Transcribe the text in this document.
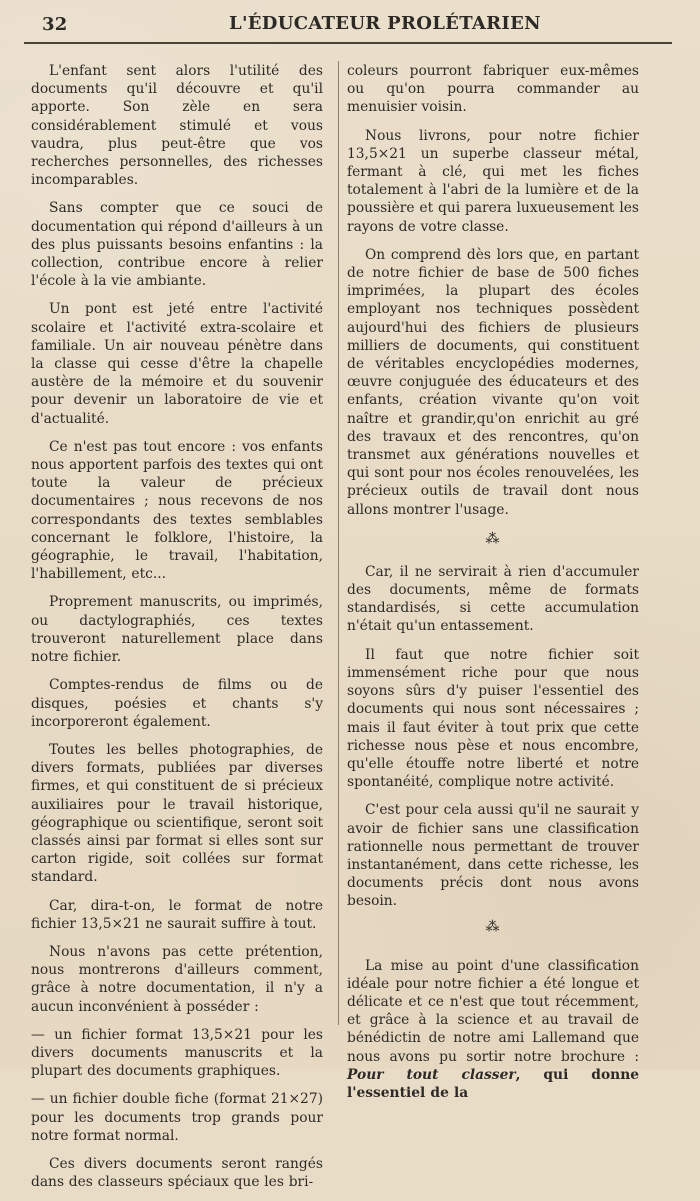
32	L'ÉDUCATEUR PROLÉTARIEN

L'enfant sent alors l'utilité des documents qu'il découvre et qu'il apporte. Son zèle en sera considérablement stimulé et vous vaudra, plus peut-être que vos recherches personnelles, des richesses incomparables.

Sans compter que ce souci de documentation qui répond d'ailleurs à un des plus puissants besoins enfantins : la collection, contribue encore à relier l'école à la vie ambiante.

Un pont est jeté entre l'activité scolaire et l'activité extra-scolaire et familiale. Un air nouveau pénètre dans la classe qui cesse d'être la chapelle austère de la mémoire et du souvenir pour devenir un laboratoire de vie et d'actualité.

Ce n'est pas tout encore : vos enfants nous apportent parfois des textes qui ont toute la valeur de précieux documentaires ; nous recevons de nos correspondants des textes semblables concernant le folklore, l'histoire, la géographie, le travail, l'habitation, l'habillement, etc...

Proprement manuscrits, ou imprimés, ou dactylographiés, ces textes trouveront naturellement place dans notre fichier.

Comptes-rendus de films ou de disques, poésies et chants s'y incorporeront également.

Toutes les belles photographies, de divers formats, publiées par diverses firmes, et qui constituent de si précieux auxiliaires pour le travail historique, géographique ou scientifique, seront soit classés ainsi par format si elles sont sur carton rigide, soit collées sur format standard.

Car, dira-t-on, le format de notre fichier 13,5×21 ne saurait suffire à tout.

Nous n'avons pas cette prétention, nous montrerons d'ailleurs comment, grâce à notre documentation, il n'y a aucun inconvénient à posséder :

— un fichier format 13,5×21 pour les divers documents manuscrits et la plupart des documents graphiques.

— un fichier double fiche (format 21×27) pour les documents trop grands pour notre format normal.

Ces divers documents seront rangés dans des classeurs spéciaux que les bri-

coleurs pourront fabriquer eux-mêmes ou qu'on pourra commander au menuisier voisin.

Nous livrons, pour notre fichier 13,5×21 un superbe classeur métal, fermant à clé, qui met les fiches totalement à l'abri de la lumière et de la poussière et qui parera luxueusement les rayons de votre classe.

On comprend dès lors que, en partant de notre fichier de base de 500 fiches imprimées, la plupart des écoles employant nos techniques possèdent aujourd'hui des fichiers de plusieurs milliers de documents, qui constituent de véritables encyclopédies modernes, œuvre conjuguée des éducateurs et des enfants, création vivante qu'on voit naître et grandir,qu'on enrichit au gré des travaux et des rencontres, qu'on transmet aux générations nouvelles et qui sont pour nos écoles renouvelées, les précieux outils de travail dont nous allons montrer l'usage.

⁂

Car, il ne servirait à rien d'accumuler des documents, même de formats standardisés, si cette accumulation n'était qu'un entassement.

Il faut que notre fichier soit immensément riche pour que nous soyons sûrs d'y puiser l'essentiel des documents qui nous sont nécessaires ; mais il faut éviter à tout prix que cette richesse nous pèse et nous encombre, qu'elle étouffe notre liberté et notre spontanéité, complique notre activité.

C'est pour cela aussi qu'il ne saurait y avoir de fichier sans une classification rationnelle nous permettant de trouver instantanément, dans cette richesse, les documents précis dont nous avons besoin.

⁂

La mise au point d'une classification idéale pour notre fichier a été longue et délicate et ce n'est que tout récemment, et grâce à la science et au travail de bénédictin de notre ami Lallemand que nous avons pu sortir notre brochure : Pour tout classer, qui donne l'essentiel de la
